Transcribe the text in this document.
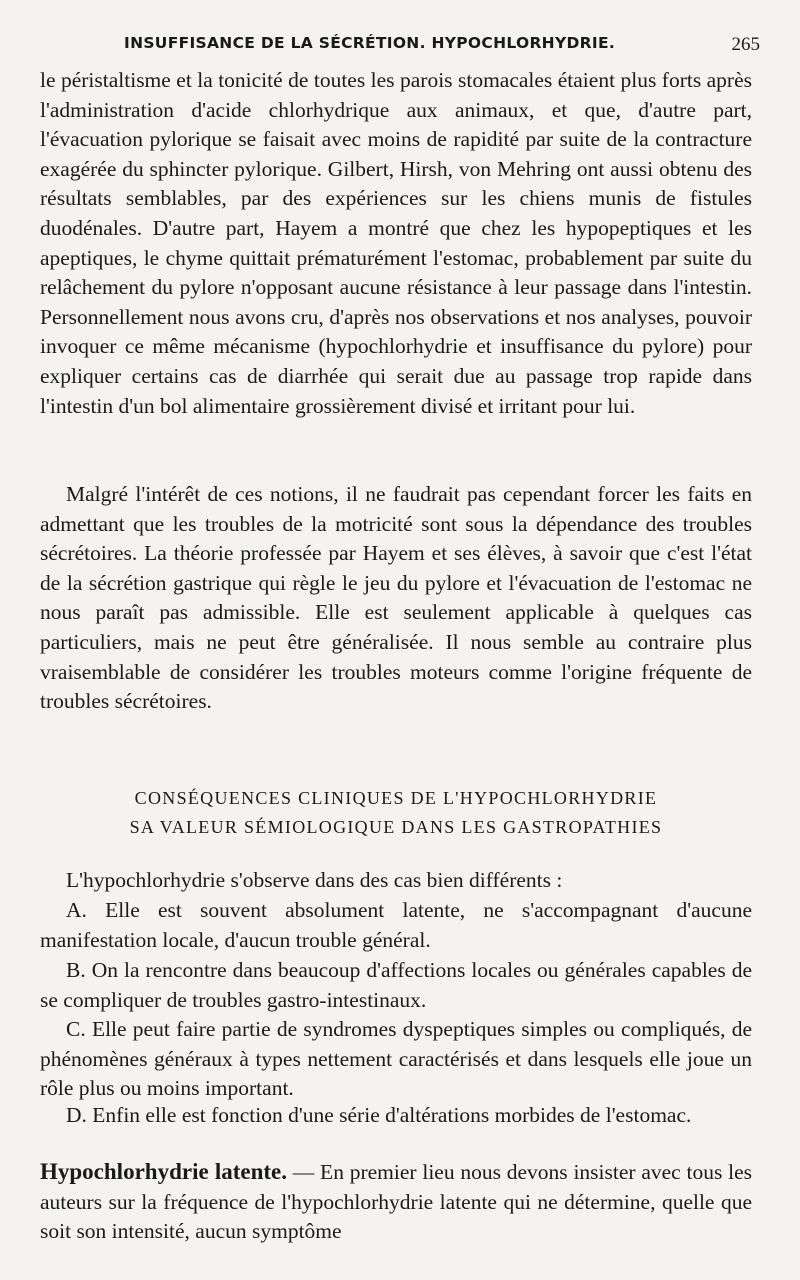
INSUFFISANCE DE LA SÉCRÉTION. HYPOCHLORHYDRIE.	265

le péristaltisme et la tonicité de toutes les parois stomacales étaient plus forts après l'administration d'acide chlorhydrique aux animaux, et que, d'autre part, l'évacuation pylorique se faisait avec moins de rapidité par suite de la contracture exagérée du sphincter pylorique. Gilbert, Hirsh, von Mehring ont aussi obtenu des résultats semblables, par des expériences sur les chiens munis de fistules duodénales. D'autre part, Hayem a montré que chez les hypopeptiques et les apeptiques, le chyme quittait prématurément l'estomac, probablement par suite du relâchement du pylore n'opposant aucune résistance à leur passage dans l'intestin. Personnellement nous avons cru, d'après nos observations et nos analyses, pouvoir invoquer ce même mécanisme (hypochlorhydrie et insuffisance du pylore) pour expliquer certains cas de diarrhée qui serait due au passage trop rapide dans l'intestin d'un bol alimentaire grossièrement divisé et irritant pour lui.

Malgré l'intérêt de ces notions, il ne faudrait pas cependant forcer les faits en admettant que les troubles de la motricité sont sous la dépendance des troubles sécrétoires. La théorie professée par Hayem et ses élèves, à savoir que c'est l'état de la sécrétion gastrique qui règle le jeu du pylore et l'évacuation de l'estomac ne nous paraît pas admissible. Elle est seulement applicable à quelques cas particuliers, mais ne peut être généralisée. Il nous semble au contraire plus vraisemblable de considérer les troubles moteurs comme l'origine fréquente de troubles sécrétoires.

CONSÉQUENCES CLINIQUES DE L'HYPOCHLORHYDRIE

SA VALEUR SÉMIOLOGIQUE DANS LES GASTROPATHIES

L'hypochlorhydrie s'observe dans des cas bien différents :

A. Elle est souvent absolument latente, ne s'accompagnant d'aucune manifestation locale, d'aucun trouble général.

B. On la rencontre dans beaucoup d'affections locales ou générales capables de se compliquer de troubles gastro-intestinaux.

C. Elle peut faire partie de syndromes dyspeptiques simples ou compliqués, de phénomènes généraux à types nettement caractérisés et dans lesquels elle joue un rôle plus ou moins important.

D. Enfin elle est fonction d'une série d'altérations morbides de l'estomac.

Hypochlorhydrie latente. — En premier lieu nous devons insister avec tous les auteurs sur la fréquence de l'hypochlorhydrie latente qui ne détermine, quelle que soit son intensité, aucun symptôme
